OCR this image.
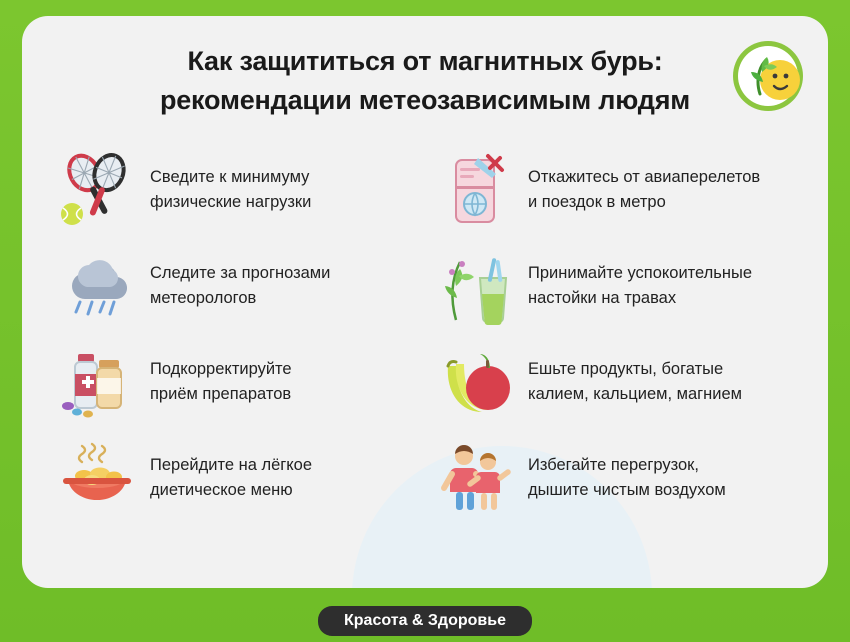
Как защититься от магнитных бурь:
рекомендации метеозависимым людям
Сведите к минимуму
физические нагрузки
Откажитесь от авиаперелетов
и поездок в метро
Следите за прогнозами
метеорологов
Принимайте успокоительные
настойки на травах
Подкорректируйте
приём препаратов
Ешьте продукты, богатые
калием, кальцием, магнием
Перейдите на лёгкое
диетическое меню
Избегайте перегрузок,
дышите чистым воздухом
Красота & Здоровье
